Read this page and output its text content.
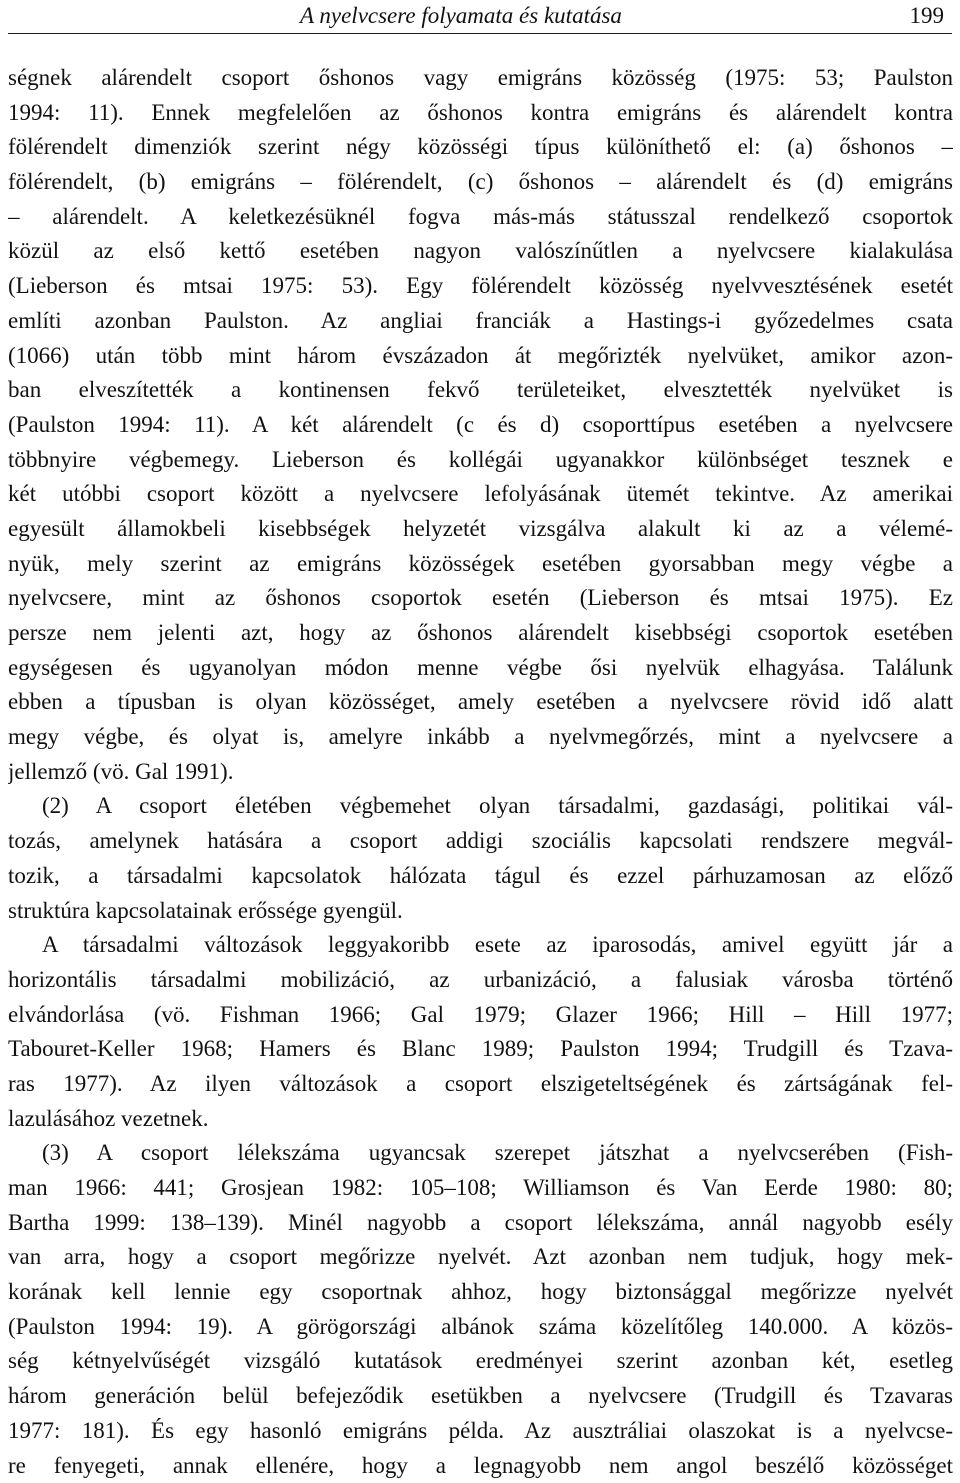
A nyelvcsere folyamata és kutatása	199
ségnek alárendelt csoport őshonos vagy emigráns közösség (1975: 53; Paulston
1994: 11). Ennek megfelelően az őshonos kontra emigráns és alárendelt kontra
fölérendelt dimenziók szerint négy közösségi típus különíthető el: (a) őshonos –
fölérendelt, (b) emigráns – fölérendelt, (c) őshonos – alárendelt és (d) emigráns
– alárendelt. A keletkezésüknél fogva más-más státusszal rendelkező csoportok
közül az első kettő esetében nagyon valószínűtlen a nyelvcsere kialakulása
(Lieberson és mtsai 1975: 53). Egy fölérendelt közösség nyelvvesztésének esetét
említi azonban Paulston. Az angliai franciák a Hastings-i győzedelmes csata
(1066) után több mint három évszázadon át megőrizték nyelvüket, amikor azon-
ban elveszítették a kontinensen fekvő területeiket, elvesztették nyelvüket is
(Paulston 1994: 11). A két alárendelt (c és d) csoporttípus esetében a nyelvcsere
többnyire végbemegy. Lieberson és kollégái ugyanakkor különbséget tesznek e
két utóbbi csoport között a nyelvcsere lefolyásának ütemét tekintve. Az amerikai
egyesült államokbeli kisebbségek helyzetét vizsgálva alakult ki az a vélemé-
nyük, mely szerint az emigráns közösségek esetében gyorsabban megy végbe a
nyelvcsere, mint az őshonos csoportok esetén (Lieberson és mtsai 1975). Ez
persze nem jelenti azt, hogy az őshonos alárendelt kisebbségi csoportok esetében
egységesen és ugyanolyan módon menne végbe ősi nyelvük elhagyása. Találunk
ebben a típusban is olyan közösséget, amely esetében a nyelvcsere rövid idő alatt
megy végbe, és olyat is, amelyre inkább a nyelvmegőrzés, mint a nyelvcsere a
jellemző (vö. Gal 1991).
(2) A csoport életében végbemehet olyan társadalmi, gazdasági, politikai vál-
tozás, amelynek hatására a csoport addigi szociális kapcsolati rendszere megvál-
tozik, a társadalmi kapcsolatok hálózata tágul és ezzel párhuzamosan az előző
struktúra kapcsolatainak erőssége gyengül.
A társadalmi változások leggyakoribb esete az iparosodás, amivel együtt jár a
horizontális társadalmi mobilizáció, az urbanizáció, a falusiak városba történő
elvándorlása (vö. Fishman 1966; Gal 1979; Glazer 1966; Hill – Hill 1977;
Tabouret-Keller 1968; Hamers és Blanc 1989; Paulston 1994; Trudgill és Tzava-
ras 1977). Az ilyen változások a csoport elszigeteltségének és zártságának fel-
lazulásához vezetnek.
(3) A csoport lélekszáma ugyancsak szerepet játszhat a nyelvcserében (Fish-
man 1966: 441; Grosjean 1982: 105–108; Williamson és Van Eerde 1980: 80;
Bartha 1999: 138–139). Minél nagyobb a csoport lélekszáma, annál nagyobb esély
van arra, hogy a csoport megőrizze nyelvét. Azt azonban nem tudjuk, hogy mek-
korának kell lennie egy csoportnak ahhoz, hogy biztonsággal megőrizze nyelvét
(Paulston 1994: 19). A görögországi albánok száma közelítőleg 140.000. A közös-
ség kétnyelvűségét vizsgáló kutatások eredményei szerint azonban két, esetleg
három generáción belül befejeződik esetükben a nyelvcsere (Trudgill és Tzavaras
1977: 181). És egy hasonló emigráns példa. Az ausztráliai olaszokat is a nyelvcse-
re fenyegeti, annak ellenére, hogy a legnagyobb nem angol beszélő közösséget
